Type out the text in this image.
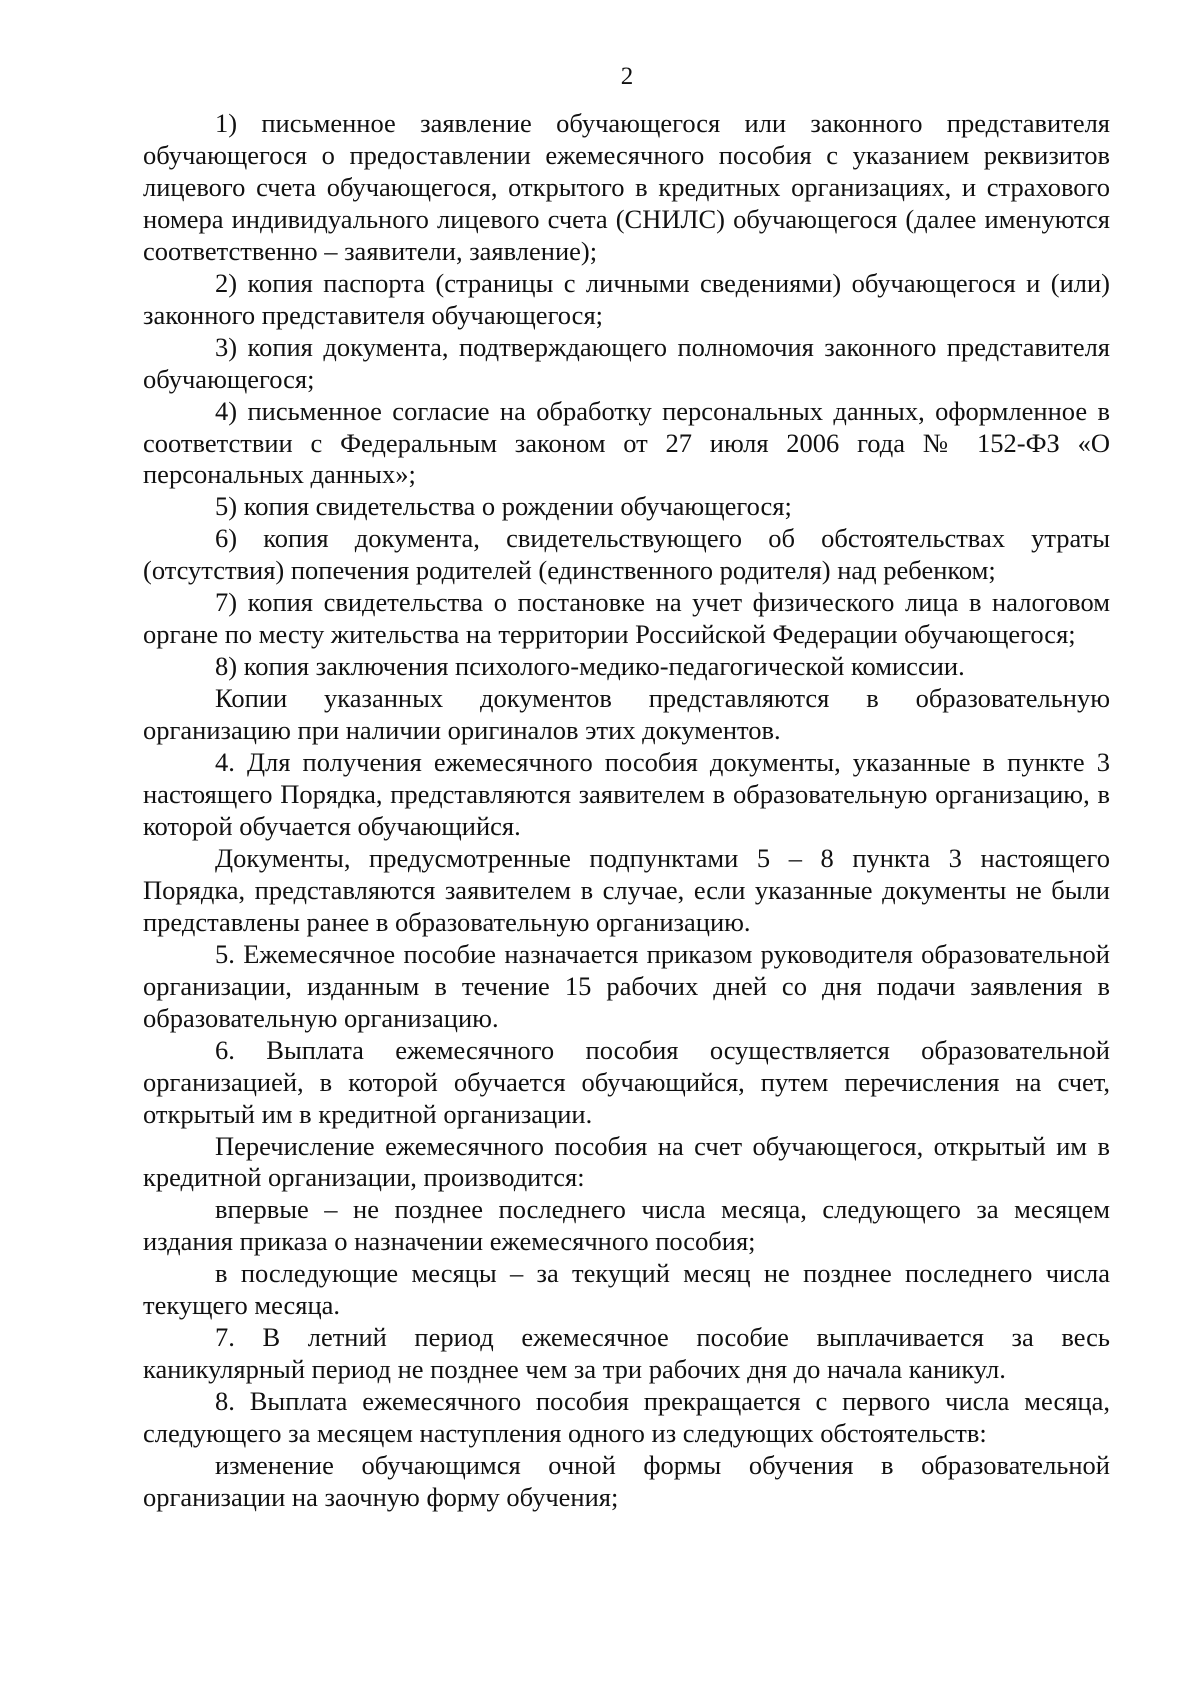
2

1) письменное заявление обучающегося или законного представителя обучающегося о предоставлении ежемесячного пособия с указанием реквизитов лицевого счета обучающегося, открытого в кредитных организациях, и страхового номера индивидуального лицевого счета (СНИЛС) обучающегося (далее именуются соответственно – заявители, заявление);

2) копия паспорта (страницы с личными сведениями) обучающегося и (или) законного представителя обучающегося;

3) копия документа, подтверждающего полномочия законного представителя обучающегося;

4) письменное согласие на обработку персональных данных, оформленное в соответствии с Федеральным законом от 27 июля 2006 года № 152-ФЗ «О персональных данных»;

5) копия свидетельства о рождении обучающегося;

6) копия документа, свидетельствующего об обстоятельствах утраты (отсутствия) попечения родителей (единственного родителя) над ребенком;

7) копия свидетельства о постановке на учет физического лица в налоговом органе по месту жительства на территории Российской Федерации обучающегося;

8) копия заключения психолого-медико-педагогической комиссии.

Копии указанных документов представляются в образовательную организацию при наличии оригиналов этих документов.

4. Для получения ежемесячного пособия документы, указанные в пункте 3 настоящего Порядка, представляются заявителем в образовательную организацию, в которой обучается обучающийся.

Документы, предусмотренные подпунктами 5 – 8 пункта 3 настоящего Порядка, представляются заявителем в случае, если указанные документы не были представлены ранее в образовательную организацию.

5. Ежемесячное пособие назначается приказом руководителя образовательной организации, изданным в течение 15 рабочих дней со дня подачи заявления в образовательную организацию.

6. Выплата ежемесячного пособия осуществляется образовательной организацией, в которой обучается обучающийся, путем перечисления на счет, открытый им в кредитной организации.

Перечисление ежемесячного пособия на счет обучающегося, открытый им в кредитной организации, производится:

впервые – не позднее последнего числа месяца, следующего за месяцем издания приказа о назначении ежемесячного пособия;

в последующие месяцы – за текущий месяц не позднее последнего числа текущего месяца.

7. В летний период ежемесячное пособие выплачивается за весь каникулярный период не позднее чем за три рабочих дня до начала каникул.

8. Выплата ежемесячного пособия прекращается с первого числа месяца, следующего за месяцем наступления одного из следующих обстоятельств:

изменение обучающимся очной формы обучения в образовательной организации на заочную форму обучения;
